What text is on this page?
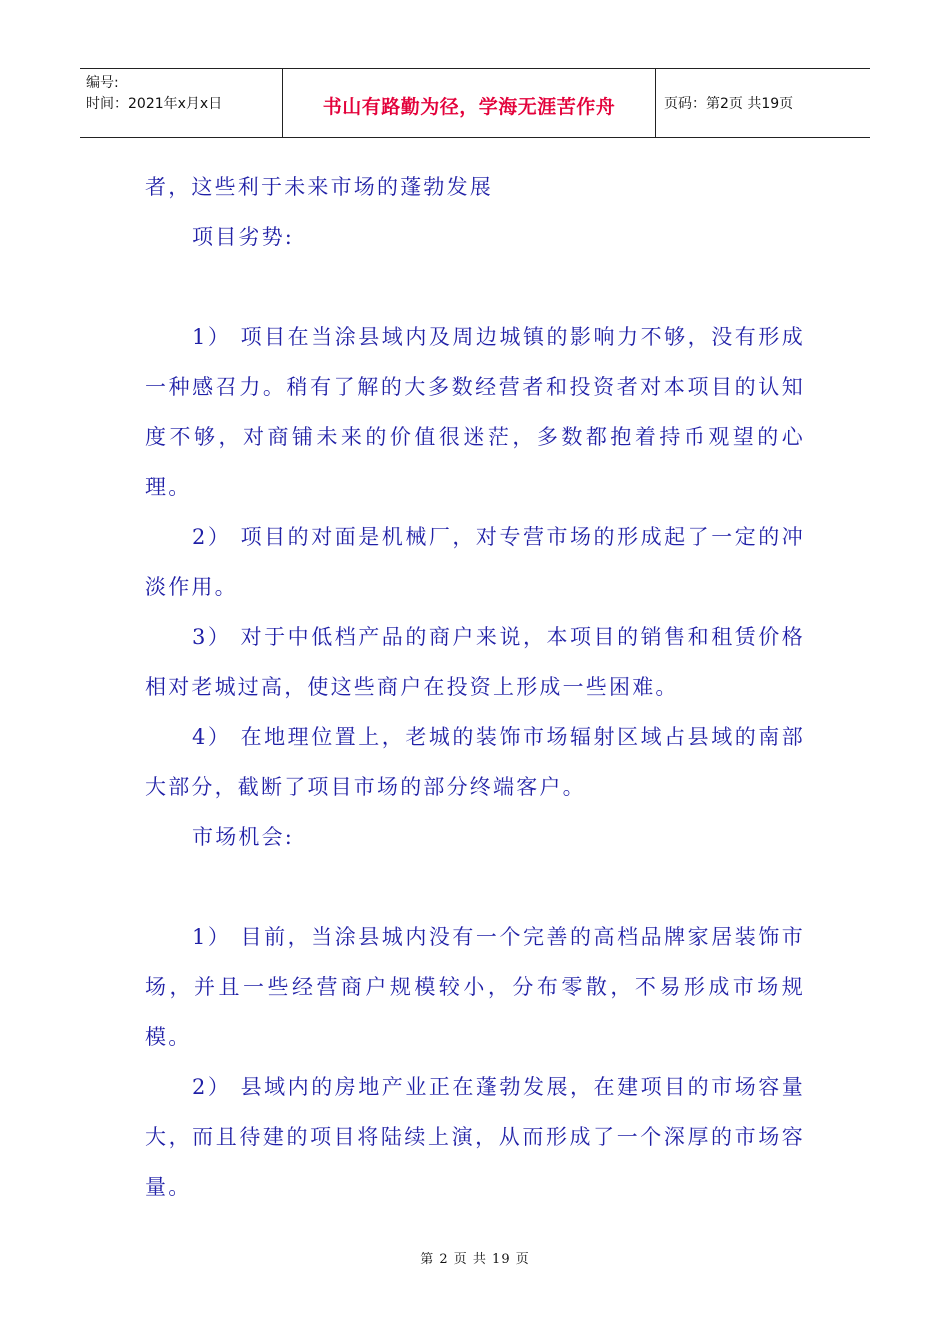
编号:
时间：2021年x月x日	书山有路勤为径，学海无涯苦作舟	页码：第2页 共19页

者，这些利于未来市场的蓬勃发展

项目劣势:

1） 项目在当涂县域内及周边城镇的影响力不够，没有形成一种感召力。稍有了解的大多数经营者和投资者对本项目的认知度不够，对商铺未来的价值很迷茫，多数都抱着持币观望的心理。

2） 项目的对面是机械厂，对专营市场的形成起了一定的冲淡作用。

3） 对于中低档产品的商户来说，本项目的销售和租赁价格相对老城过高，使这些商户在投资上形成一些困难。

4） 在地理位置上，老城的装饰市场辐射区域占县域的南部大部分，截断了项目市场的部分终端客户。

市场机会:

1） 目前，当涂县城内没有一个完善的高档品牌家居装饰市场，并且一些经营商户规模较小，分布零散，不易形成市场规模。

2） 县域内的房地产业正在蓬勃发展，在建项目的市场容量大，而且待建的项目将陆续上演，从而形成了一个深厚的市场容量。

第 2 页 共 19 页
